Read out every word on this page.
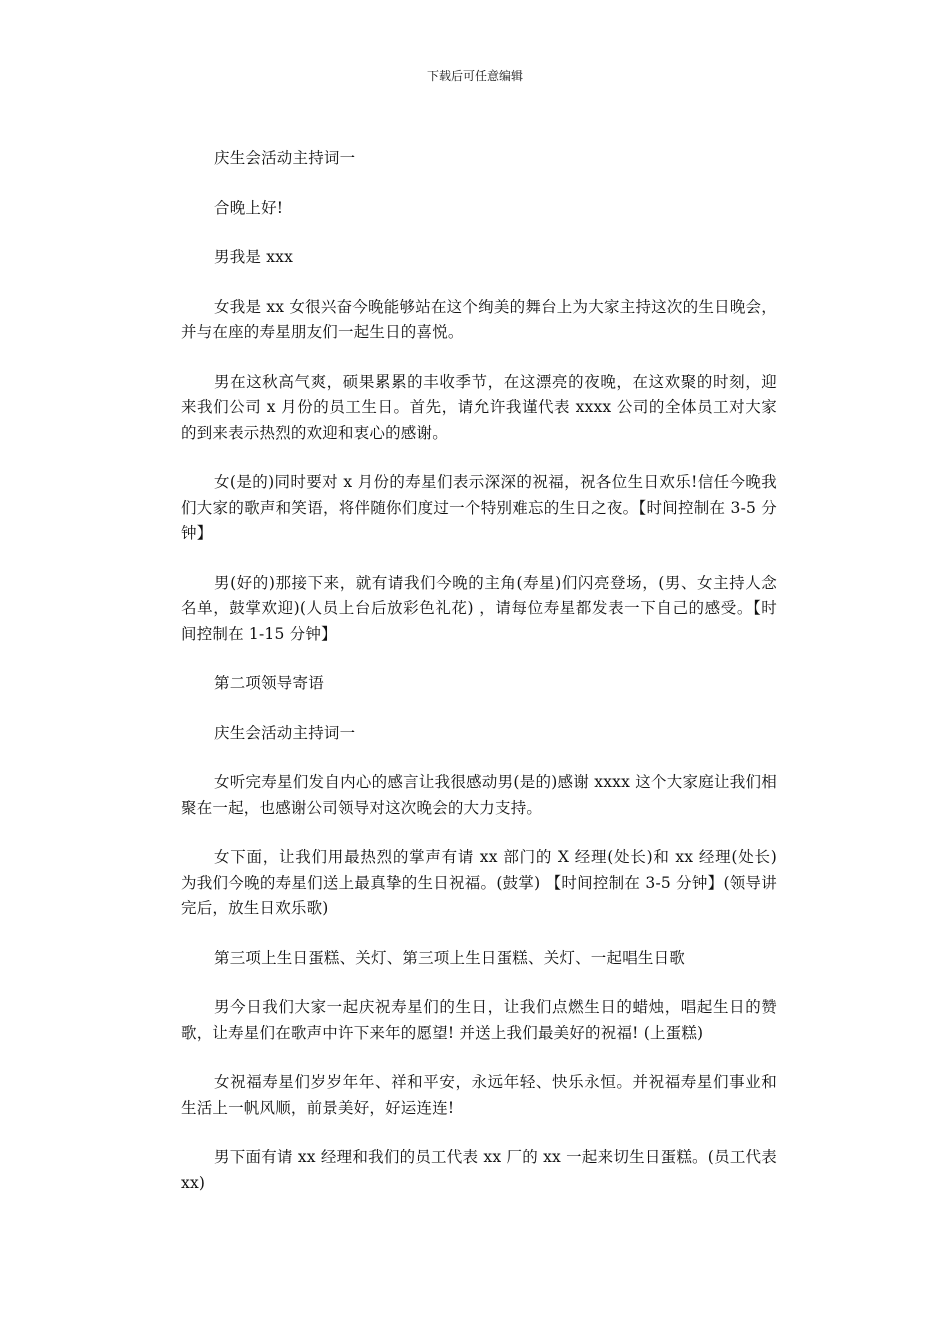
下载后可任意编辑

庆生会活动主持词一

合晚上好!

男我是 xxx

女我是 xx 女很兴奋今晚能够站在这个绚美的舞台上为大家主持这次的生日晚会，并与在座的寿星朋友们一起生日的喜悦。

男在这秋高气爽，硕果累累的丰收季节，在这漂亮的夜晚，在这欢聚的时刻，迎来我们公司 x 月份的员工生日。首先，请允许我谨代表 xxxx 公司的全体员工对大家的到来表示热烈的欢迎和衷心的感谢。

女(是的)同时要对 x 月份的寿星们表示深深的祝福，祝各位生日欢乐!信任今晚我们大家的歌声和笑语，将伴随你们度过一个特别难忘的生日之夜。【时间控制在 3-5 分钟】

男(好的)那接下来，就有请我们今晚的主角(寿星)们闪亮登场，(男、女主持人念名单，鼓掌欢迎)(人员上台后放彩色礼花) ，请每位寿星都发表一下自己的感受。【时间控制在 1-15 分钟】

第二项领导寄语

庆生会活动主持词一

女听完寿星们发自内心的感言让我很感动男(是的)感谢 xxxx 这个大家庭让我们相聚在一起，也感谢公司领导对这次晚会的大力支持。

女下面，让我们用最热烈的掌声有请 xx 部门的 X 经理(处长)和 xx 经理(处长) 为我们今晚的寿星们送上最真挚的生日祝福。(鼓掌) 【时间控制在 3-5 分钟】(领导讲完后，放生日欢乐歌)

第三项上生日蛋糕、关灯、第三项上生日蛋糕、关灯、一起唱生日歌

男今日我们大家一起庆祝寿星们的生日，让我们点燃生日的蜡烛，唱起生日的赞歌，让寿星们在歌声中许下来年的愿望! 并送上我们最美好的祝福! (上蛋糕)

女祝福寿星们岁岁年年、祥和平安，永远年轻、快乐永恒。并祝福寿星们事业和生活上一帆风顺，前景美好，好运连连!

男下面有请 xx 经理和我们的员工代表 xx 厂的 xx 一起来切生日蛋糕。(员工代表 xx)
